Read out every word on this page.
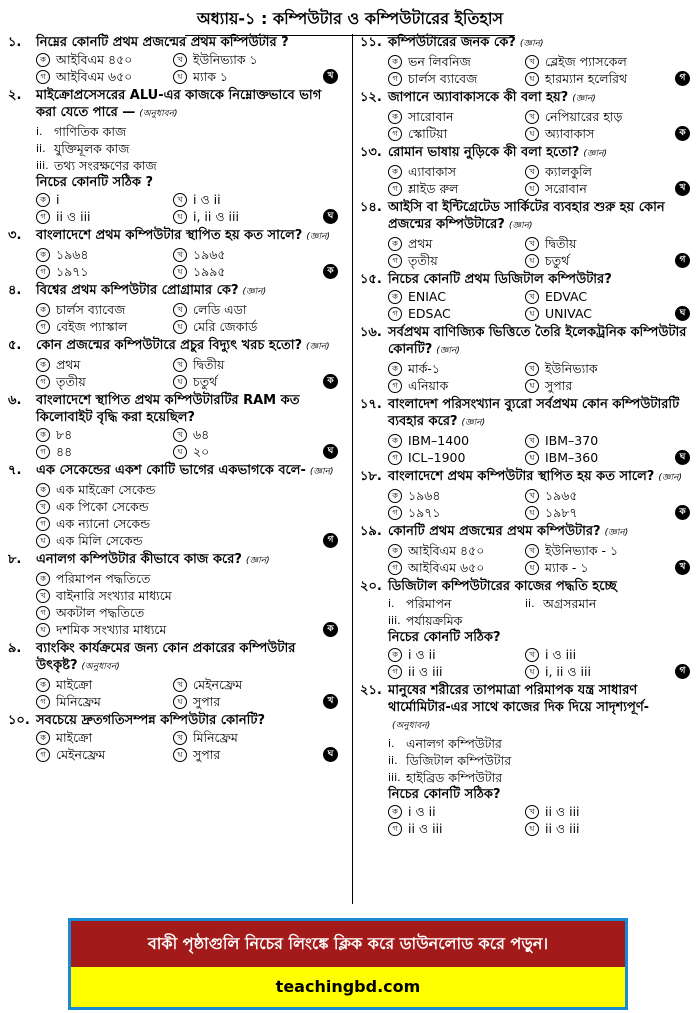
অধ্যায়-১ : কম্পিউটার ও কম্পিউটারের ইতিহাস
১.	নিম্নের কোনটি প্রথম প্রজন্মের প্রথম কম্পিউটার ?
ক আইবিএম ৪৫০	খ ইউনিভ্যাক ১
গ আইবিএম ৬৫০	ঘ ম্যাক ১	খ
২.	মাইক্রোপ্রসেসরের ALU-এর কাজকে নিম্নোক্তভাবে ভাগ করা যেতে পারে — (অনুধাবন)
i. গাণিতিক কাজ
ii. যুক্তিমূলক কাজ
iii. তথ্য সংরক্ষণের কাজ
নিচের কোনটি সঠিক ?
ক i	খ i ও ii
গ ii ও iii	ঘ i, ii ও iii	ঘ
৩.	বাংলাদেশে প্রথম কম্পিউটার স্থাপিত হয় কত সালে? (জ্ঞান)
ক ১৯৬৪	খ ১৯৬৫
গ ১৯৭১	ঘ ১৯৯৫	ক
৪.	বিশ্বের প্রথম কম্পিউটার প্রোগ্রামার কে? (জ্ঞান)
ক চার্লস ব্যাবেজ	খ লেডি এডা
গ বেইজ প্যাস্কাল	ঘ মেরি জেকার্ড
৫.	কোন প্রজন্মের কম্পিউটারে প্রচুর বিদ্যুৎ খরচ হতো? (জ্ঞান)
ক প্রথম	খ দ্বিতীয়
গ তৃতীয়	ঘ চতুর্থ	ক
৬.	বাংলাদেশে স্থাপিত প্রথম কম্পিউটারটির RAM কত কিলোবাইট বৃদ্ধি করা হয়েছিল?
ক ৮৪	খ ৬৪
গ ৪৪	ঘ ২০	ঘ
৭.	এক সেকেন্ডের একশ কোটি ভাগের একভাগকে বলে- (জ্ঞান)
ক এক মাইক্রো সেকেন্ড
খ এক পিকো সেকেন্ড
গ এক ন্যানো সেকেন্ড
ঘ এক মিলি সেকেন্ড	গ
৮.	এনালগ কম্পিউটার কীভাবে কাজ করে? (জ্ঞান)
ক পরিমাপন পদ্ধতিতে
খ বাইনারি সংখ্যার মাধ্যমে
গ অকটাল পদ্ধতিতে
ঘ দশমিক সংখ্যার মাধ্যমে	ক
৯.	ব্যাংকিং কার্যক্রমের জন্য কোন প্রকারের কম্পিউটার উৎকৃষ্ট? (অনুধাবন)
ক মাইক্রো	খ মেইনফ্রেম
গ মিনিফ্রেম	ঘ সুপার	খ
১০. সবচেয়ে দ্রুতগতিসম্পন্ন কম্পিউটার কোনটি?
ক মাইক্রো	খ মিনিফ্রেম
গ মেইনফ্রেম	ঘ সুপার	ঘ
১১. কম্পিউটারের জনক কে? (জ্ঞান)
ক ভন লিবনিজ	খ ব্লেইজ প্যাসকেল
গ চার্লস ব্যাবেজ	ঘ হারম্যান হলেরিথ	গ
১২. জাপানে অ্যাবাকাসকে কী বলা হয়? (জ্ঞান)
ক সারোবান	খ নেপিয়ারের হাড়
গ স্কোটিয়া	ঘ অ্যাবাকাস	ক
১৩. রোমান ভাষায় নুড়িকে কী বলা হতো? (জ্ঞান)
ক এ্যাবাকাস	খ ক্যালকুলি
গ শ্লাইড রুল	ঘ সরোবান	খ
১৪. আইসি বা ইন্টিগ্রেটেড সার্কিটের ব্যবহার শুরু হয় কোন প্রজন্মের কম্পিউটারে? (জ্ঞান)
ক প্রথম	খ দ্বিতীয়
গ তৃতীয়	ঘ চতুর্থ	গ
১৫. নিচের কোনটি প্রথম ডিজিটাল কম্পিউটার?
ক ENIAC	খ EDVAC
গ EDSAC	ঘ UNIVAC	ঘ
১৬. সর্বপ্রথম বাণিজ্যিক ভিত্তিতে তৈরি ইলেকট্রনিক কম্পিউটার কোনটি? (জ্ঞান)
ক মার্ক-১	খ ইউনিভ্যাক
গ এনিয়াক	ঘ সুপার
১৭. বাংলাদেশ পরিসংখ্যান ব্যুরো সর্বপ্রথম কোন কম্পিউটারটি ব্যবহার করে? (জ্ঞান)
ক IBM–1400	খ IBM–370
গ ICL–1900	ঘ IBM–360	ঘ
১৮. বাংলাদেশে প্রথম কম্পিউটার স্থাপিত হয় কত সালে? (জ্ঞান)
ক ১৯৬৪	খ ১৯৬৫
গ ১৯৭১	ঘ ১৯৮৭	ক
১৯. কোনটি প্রথম প্রজন্মের প্রথম কম্পিউটার? (জ্ঞান)
ক আইবিএম ৪৫০	খ ইউনিভ্যাক - ১
গ আইবিএম ৬৫০	ঘ ম্যাক - ১	খ
২০. ডিজিটাল কম্পিউটারের কাজের পদ্ধতি হচ্ছে
i. পরিমাপন	ii. অগ্রসরমান
iii. পর্যায়ক্রমিক
নিচের কোনটি সঠিক?
ক i ও ii	খ i ও iii
গ ii ও iii	ঘ i, ii ও iii	গ
২১. মানুষের শরীরের তাপমাত্রা পরিমাপক যন্ত্র সাধারণ থার্মোমিটার-এর সাথে কাজের দিক দিয়ে সাদৃশ্যপূর্ণ-(অনুধাবন)
i. এনালগ কম্পিউটার
ii. ডিজিটাল কম্পিউটার
iii. হাইব্রিড কম্পিউটার
নিচের কোনটি সঠিক?
ক i ও ii	খ ii ও iii
গ ii ও iii	ঘ ii ও iii
বাকী পৃষ্ঠাগুলি নিচের লিংঙ্কে ক্লিক করে ডাউনলোড করে পড়ুন।
teachingbd.com
